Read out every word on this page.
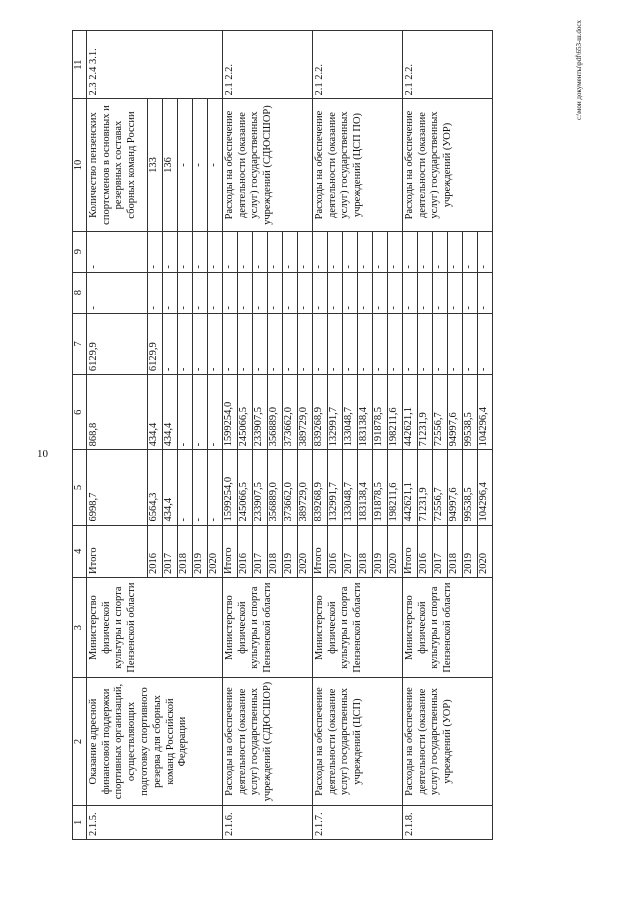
10
c:\мои документы\pdf\653-ш.docx
1	2	3	4	5	6	7	8	9	10	11
2.1.5.	Оказание адресной финансовой поддержки спортивных организаций, осуществляющих подготовку спортивного резерва для сборных команд Российской Федерации	Министерство физической культуры и спорта Пензенской области	Итого	6998,7	868,8	6129,9	-	-	Количество пензенских спортсменов в основных и резервных составах сборных команд России	2.3 2.4 3.1.
			2016	6564,3	434,4	6129,9	-	-	133	
			2017	434,4	434,4	-	-	-	136	
			2018	-	-	-	-	-	-	
			2019	-	-	-	-	-	-	
			2020	-	-	-	-	-	-	
2.1.6.	Расходы на обеспечение деятельности (оказание услуг) государственных учреждений (СДЮСШОР)	Министерство физической культуры и спорта Пензенской области	Итого	1599254,0	1599254,0	-	-	-	Расходы на обеспечение деятельности (оказание услуг) государственных учреждений (СДЮСШОР)	2.1 2.2.
			2016	245066,5	245066,5	-	-	-		
			2017	233907,5	233907,5	-	-	-		
			2018	356889,0	356889,0	-	-	-		
			2019	373662,0	373662,0	-	-	-		
			2020	389729,0	389729,0	-	-	-		
2.1.7.	Расходы на обеспечение деятельности (оказание услуг) государственных учреждений (ЦСП)	Министерство физической культуры и спорта Пензенской области	Итого	839268,9	839268,9	-	-	-	Расходы на обеспечение деятельности (оказание услуг) государственных учреждений (ЦСП ПО)	2.1 2.2.
			2016	132991,7	132991,7	-	-	-		
			2017	133048,7	133048,7	-	-	-		
			2018	183138,4	183138,4	-	-	-		
			2019	191878,5	191878,5	-	-	-		
			2020	198211,6	198211,6	-	-	-		
2.1.8.	Расходы на обеспечение деятельности (оказание услуг) государственных учреждений (УОР)	Министерство физической культуры и спорта Пензенской области	Итого	442621,1	442621,1	-	-	-	Расходы на обеспечение деятельности (оказание услуг) государственных учреждений (УОР)	2.1 2.2.
			2016	71231,9	71231,9	-	-	-		
			2017	72556,7	72556,7	-	-	-		
			2018	94997,6	94997,6	-	-	-		
			2019	99538,5	99538,5	-	-	-		
			2020	104296,4	104296,4	-	-	-		
